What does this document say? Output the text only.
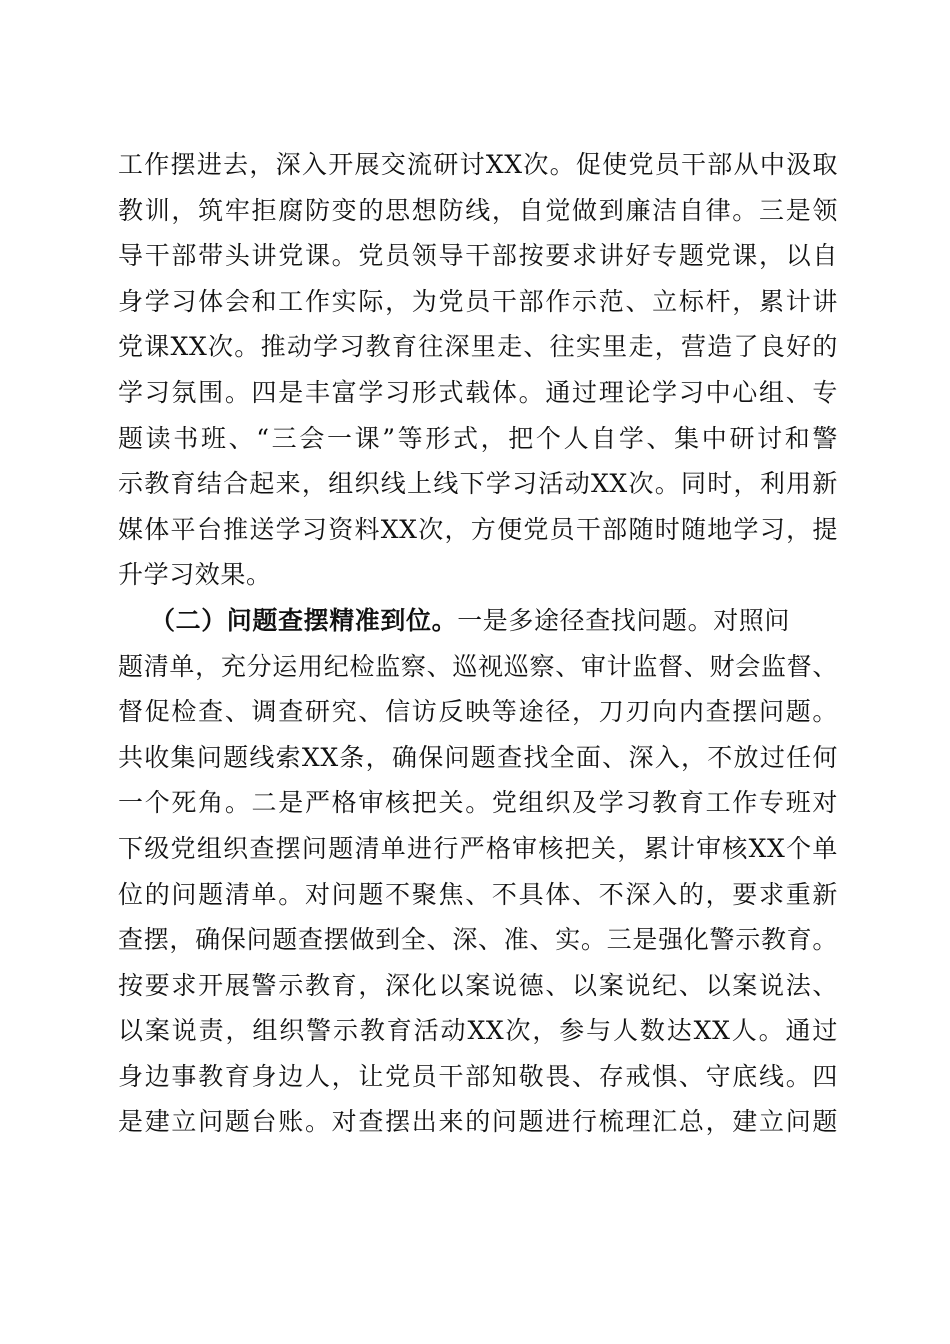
工作摆进去，深入开展交流研讨XX次。促使党员干部从中汲取
教训，筑牢拒腐防变的思想防线，自觉做到廉洁自律。三是领
导干部带头讲党课。党员领导干部按要求讲好专题党课，以自
身学习体会和工作实际，为党员干部作示范、立标杆，累计讲
党课XX次。推动学习教育往深里走、往实里走，营造了良好的
学习氛围。四是丰富学习形式载体。通过理论学习中心组、专
题读书班、“三会一课”等形式，把个人自学、集中研讨和警
示教育结合起来，组织线上线下学习活动XX次。同时，利用新
媒体平台推送学习资料XX次，方便党员干部随时随地学习，提
升学习效果。
（二）问题查摆精准到位。一是多途径查找问题。对照问
题清单，充分运用纪检监察、巡视巡察、审计监督、财会监督、
督促检查、调查研究、信访反映等途径，刀刃向内查摆问题。
共收集问题线索XX条，确保问题查找全面、深入，不放过任何
一个死角。二是严格审核把关。党组织及学习教育工作专班对
下级党组织查摆问题清单进行严格审核把关，累计审核XX个单
位的问题清单。对问题不聚焦、不具体、不深入的，要求重新
查摆，确保问题查摆做到全、深、准、实。三是强化警示教育。
按要求开展警示教育，深化以案说德、以案说纪、以案说法、
以案说责，组织警示教育活动XX次，参与人数达XX人。通过
身边事教育身边人，让党员干部知敬畏、存戒惧、守底线。四
是建立问题台账。对查摆出来的问题进行梳理汇总，建立问题
